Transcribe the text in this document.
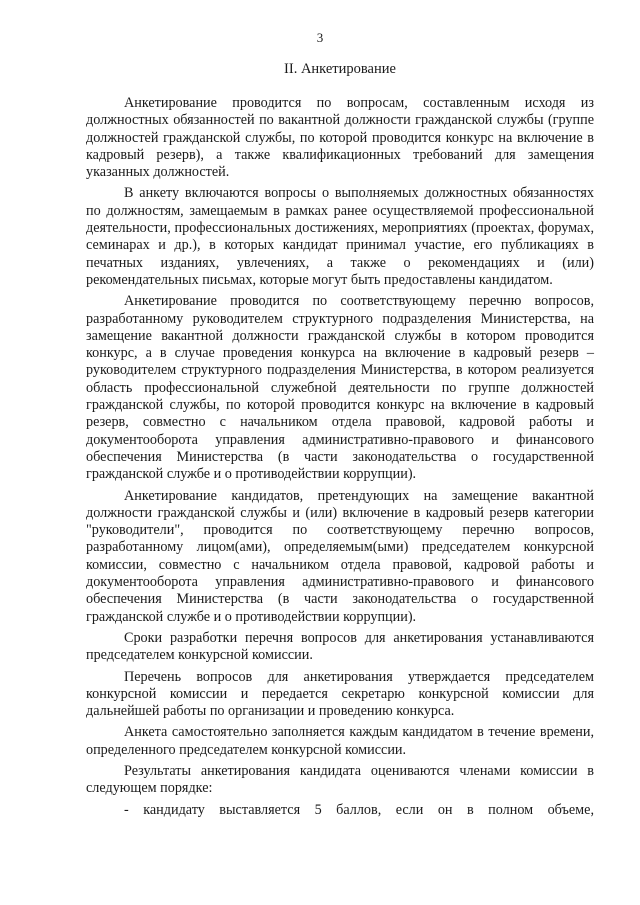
3
II. Анкетирование

Анкетирование проводится по вопросам, составленным исходя из должностных обязанностей по вакантной должности гражданской службы (группе должностей гражданской службы, по которой проводится конкурс на включение в кадровый резерв), а также квалификационных требований для замещения указанных должностей.

В анкету включаются вопросы о выполняемых должностных обязанностях по должностям, замещаемым в рамках ранее осуществляемой профессиональной деятельности, профессиональных достижениях, мероприятиях (проектах, форумах, семинарах и др.), в которых кандидат принимал участие, его публикациях в печатных изданиях, увлечениях, а также о рекомендациях и (или) рекомендательных письмах, которые могут быть предоставлены кандидатом.

Анкетирование проводится по соответствующему перечню вопросов, разработанному руководителем структурного подразделения Министерства, на замещение вакантной должности гражданской службы в котором проводится конкурс, а в случае проведения конкурса на включение в кадровый резерв – руководителем структурного подразделения Министерства, в котором реализуется область профессиональной служебной деятельности по группе должностей гражданской службы, по которой проводится конкурс на включение в кадровый резерв, совместно с начальником отдела правовой, кадровой работы и документооборота управления административно-правового и финансового обеспечения Министерства (в части законодательства о государственной гражданской службе и о противодействии коррупции).

Анкетирование кандидатов, претендующих на замещение вакантной должности гражданской службы и (или) включение в кадровый резерв категории "руководители", проводится по соответствующему перечню вопросов, разработанному лицом(ами), определяемым(ыми) председателем конкурсной комиссии, совместно с начальником отдела правовой, кадровой работы и документооборота управления административно-правового и финансового обеспечения Министерства (в части законодательства о государственной гражданской службе и о противодействии коррупции).

Сроки разработки перечня вопросов для анкетирования устанавливаются председателем конкурсной комиссии.

Перечень вопросов для анкетирования утверждается председателем конкурсной комиссии и передается секретарю конкурсной комиссии для дальнейшей работы по организации и проведению конкурса.

Анкета самостоятельно заполняется каждым кандидатом в течение времени, определенного председателем конкурсной комиссии.

Результаты анкетирования кандидата оцениваются членами комиссии в следующем порядке:

- кандидату выставляется 5 баллов, если он в полном объеме,
